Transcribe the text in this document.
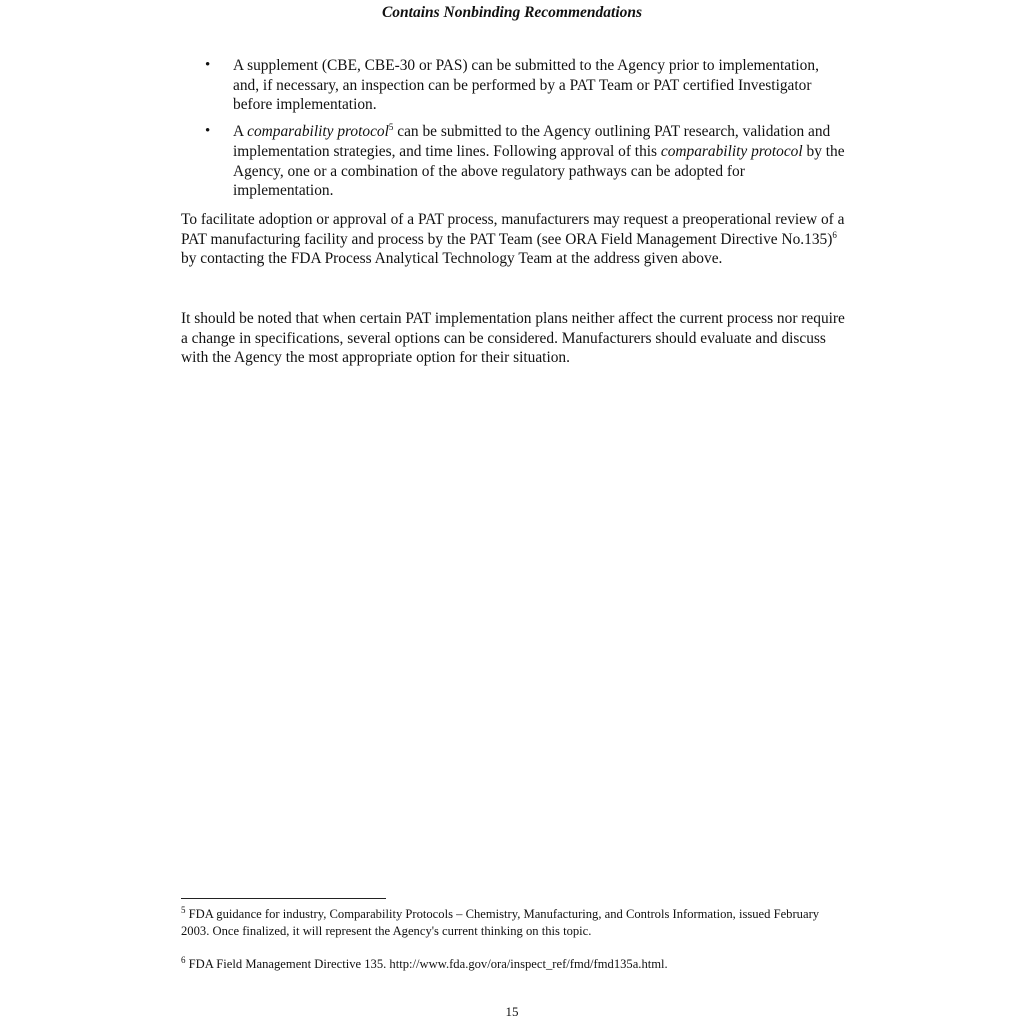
Contains Nonbinding Recommendations
• A supplement (CBE, CBE-30 or PAS) can be submitted to the Agency prior to implementation, and, if necessary, an inspection can be performed by a PAT Team or PAT certified Investigator before implementation.
• A comparability protocol$^5$ can be submitted to the Agency outlining PAT research, validation and implementation strategies, and time lines. Following approval of this comparability protocol by the Agency, one or a combination of the above regulatory pathways can be adopted for implementation.

To facilitate adoption or approval of a PAT process, manufacturers may request a preoperational review of a PAT manufacturing facility and process by the PAT Team (see ORA Field Management Directive No.135)$^6$ by contacting the FDA Process Analytical Technology Team at the address given above.

It should be noted that when certain PAT implementation plans neither affect the current process nor require a change in specifications, several options can be considered. Manufacturers should evaluate and discuss with the Agency the most appropriate option for their situation.

$^5$ FDA guidance for industry, Comparability Protocols – Chemistry, Manufacturing, and Controls Information, issued February 2003. Once finalized, it will represent the Agency's current thinking on this topic.

$^6$ FDA Field Management Directive 135. http://www.fda.gov/ora/inspect_ref/fmd/fmd135a.html.

15
